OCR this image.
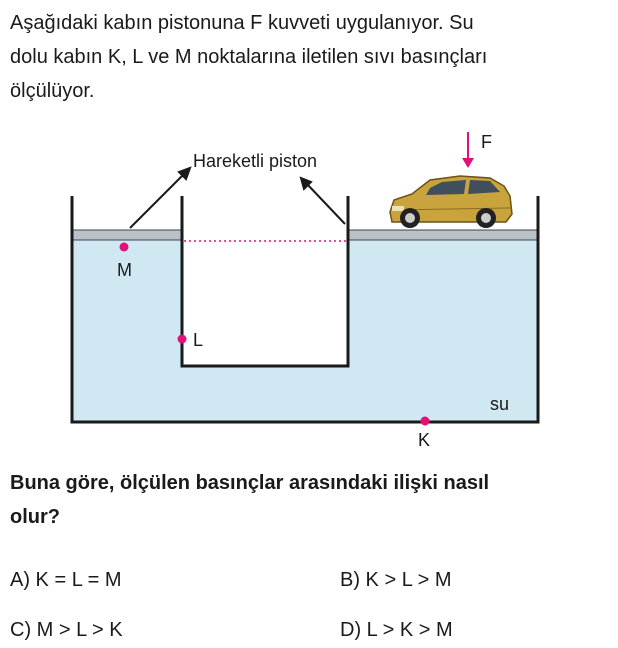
Aşağıdaki kabın pistonuna F kuvveti uygulanıyor. Su
dolu kabın K, L ve M noktalarına iletilen sıvı basınçları
ölçülüyor.

Hareketli piston
F
M
L
K
su

Buna göre, ölçülen basınçlar arasındaki ilişki nasıl
olur?

A) K = L = M	B) K > L > M
C) M > L > K	D) L > K > M
